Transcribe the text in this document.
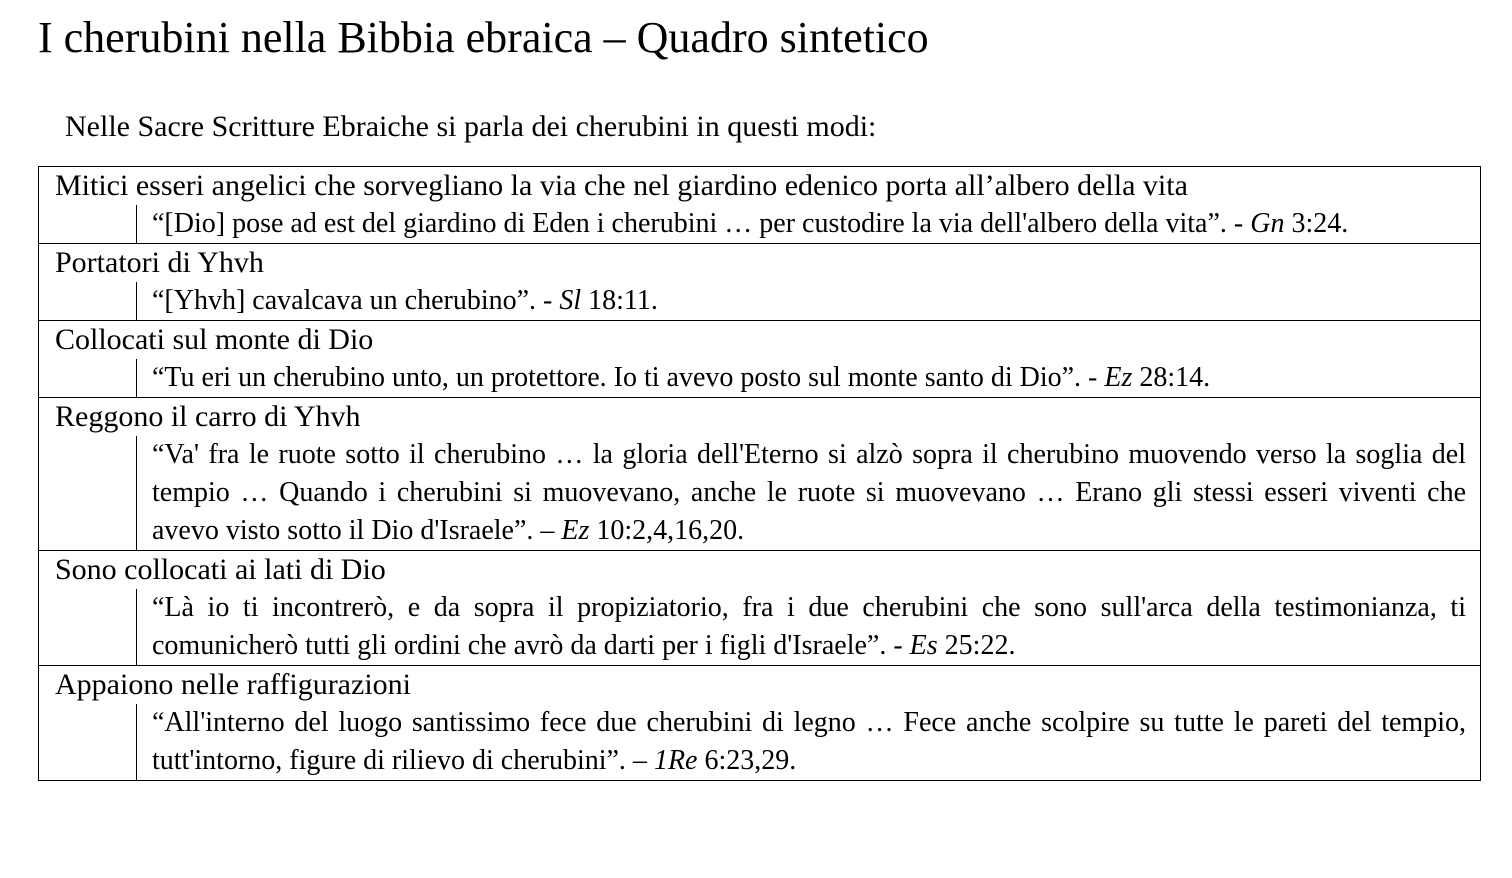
I cherubini nella Bibbia ebraica – Quadro sintetico
Nelle Sacre Scritture Ebraiche si parla dei cherubini in questi modi:
Mitici esseri angelici che sorvegliano la via che nel giardino edenico porta all’albero della vita
“[Dio] pose ad est del giardino di Eden i cherubini … per custodire la via dell'albero della vita”. - Gn 3:24.
Portatori di Yhvh
“[Yhvh] cavalcava un cherubino”. - Sl 18:11.
Collocati sul monte di Dio
“Tu eri un cherubino unto, un protettore. Io ti avevo posto sul monte santo di Dio”. - Ez 28:14.
Reggono il carro di Yhvh
“Va' fra le ruote sotto il cherubino … la gloria dell'Eterno si alzò sopra il cherubino muovendo verso la soglia del tempio … Quando i cherubini si muovevano, anche le ruote si muovevano … Erano gli stessi esseri viventi che avevo visto sotto il Dio d'Israele”. – Ez 10:2,4,16,20.
Sono collocati ai lati di Dio
“Là io ti incontrerò, e da sopra il propiziatorio, fra i due cherubini che sono sull'arca della testimonianza, ti comunicherò tutti gli ordini che avrò da darti per i figli d'Israele”. - Es 25:22.
Appaiono nelle raffigurazioni
“All'interno del luogo santissimo fece due cherubini di legno … Fece anche scolpire su tutte le pareti del tempio, tutt'intorno, figure di rilievo di cherubini”. – 1Re 6:23,29.
